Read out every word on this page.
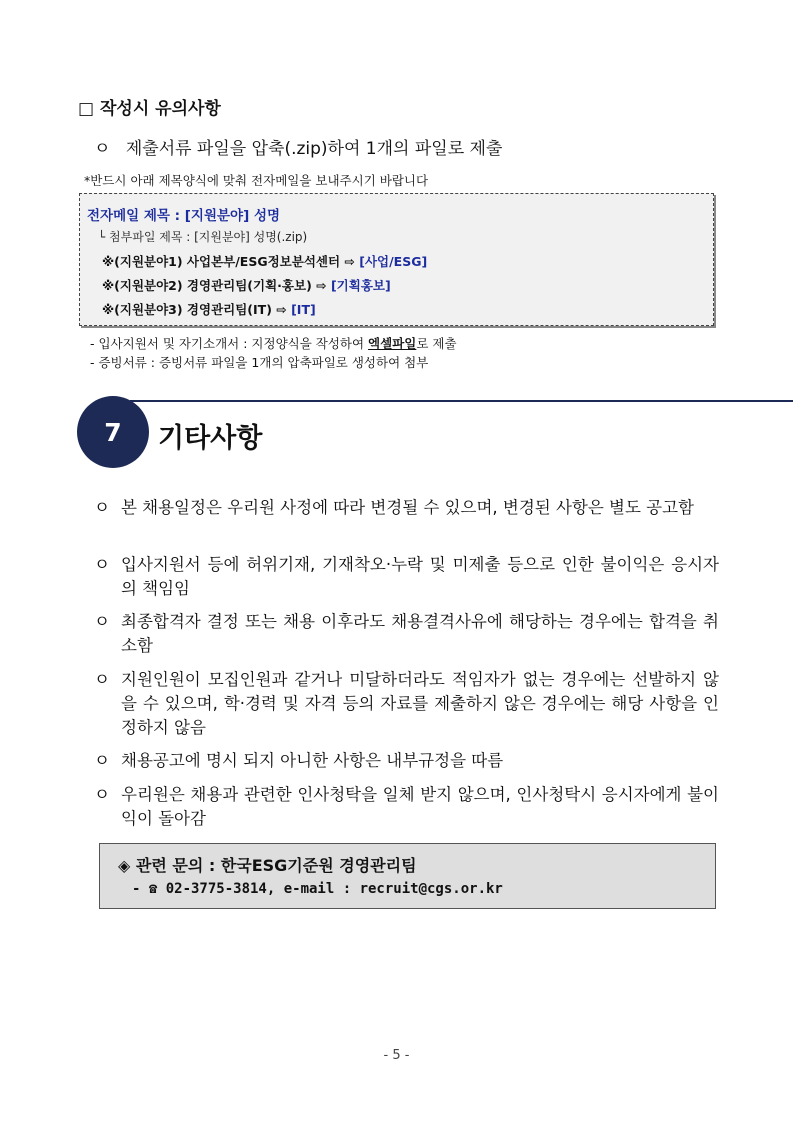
□ 작성시 유의사항
ㅇ 제출서류 파일을 압축(.zip)하여 1개의 파일로 제출
*반드시 아래 제목양식에 맞춰 전자메일을 보내주시기 바랍니다
전자메일 제목 : [지원분야] 성명
└ 첨부파일 제목 : [지원분야] 성명(.zip)
※(지원분야1) 사업본부/ESG정보분석센터 ⇨ [사업/ESG]
※(지원분야2) 경영관리팀(기획·홍보) ⇨ [기획홍보]
※(지원분야3) 경영관리팀(IT) ⇨ [IT]
- 입사지원서 및 자기소개서 : 지정양식을 작성하여 엑셀파일로 제출
- 증빙서류 : 증빙서류 파일을 1개의 압축파일로 생성하여 첨부
7	기타사항
ㅇ 본 채용일정은 우리원 사정에 따라 변경될 수 있으며, 변경된 사항은 별도 공고함
ㅇ 입사지원서 등에 허위기재, 기재착오·누락 및 미제출 등으로 인한 불이익은 응시자의 책임임
ㅇ 최종합격자 결정 또는 채용 이후라도 채용결격사유에 해당하는 경우에는 합격을 취소함
ㅇ 지원인원이 모집인원과 같거나 미달하더라도 적임자가 없는 경우에는 선발하지 않을 수 있으며, 학·경력 및 자격 등의 자료를 제출하지 않은 경우에는 해당 사항을 인정하지 않음
ㅇ 채용공고에 명시 되지 아니한 사항은 내부규정을 따름
ㅇ 우리원은 채용과 관련한 인사청탁을 일체 받지 않으며, 인사청탁시 응시자에게 불이익이 돌아감
◈ 관련 문의 : 한국ESG기준원 경영관리팀
- ☎ 02-3775-3814, e-mail : recruit@cgs.or.kr
- 5 -
